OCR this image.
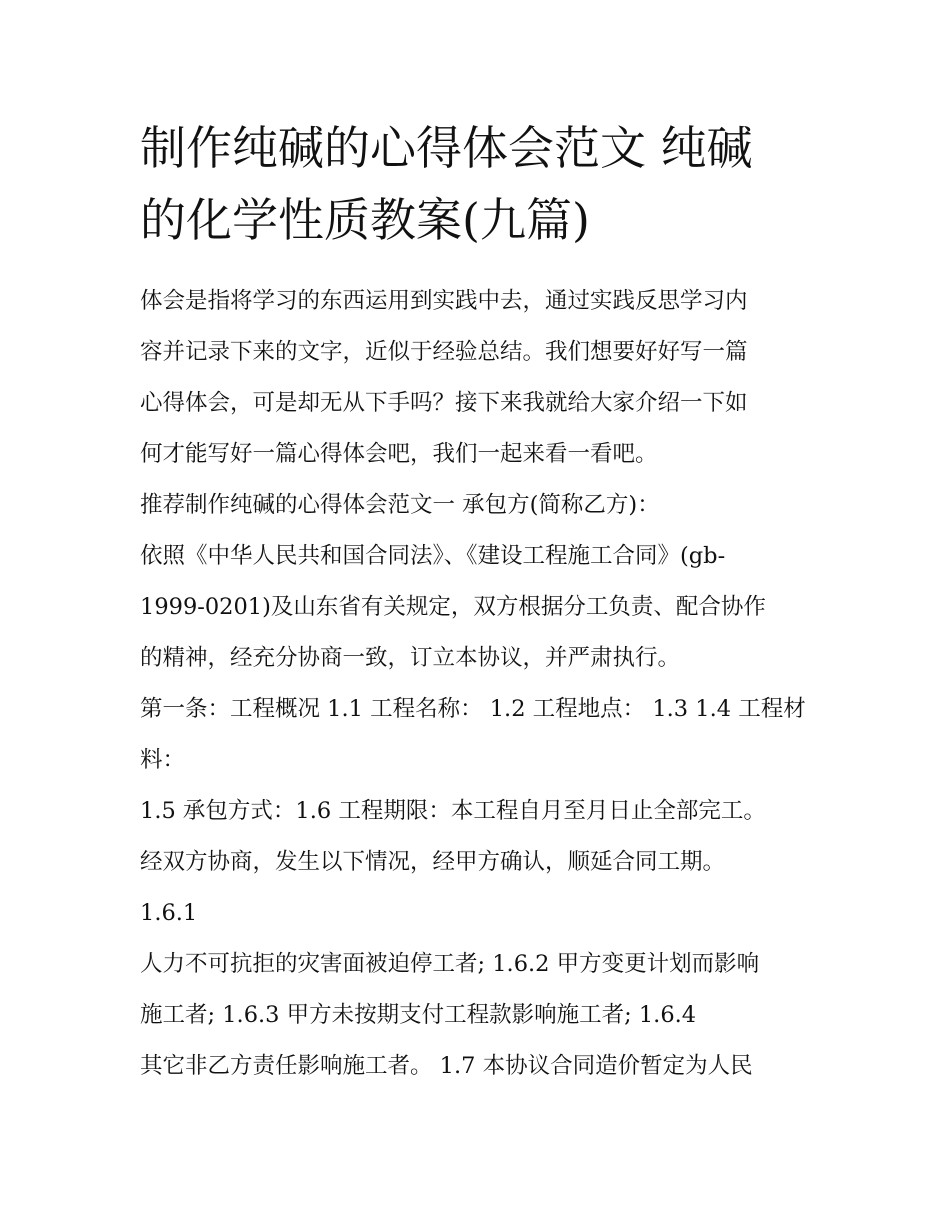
制作纯碱的心得体会范文 纯碱
的化学性质教案(九篇)
体会是指将学习的东西运用到实践中去，通过实践反思学习内
容并记录下来的文字，近似于经验总结。我们想要好好写一篇
心得体会，可是却无从下手吗？接下来我就给大家介绍一下如
何才能写好一篇心得体会吧，我们一起来看一看吧。
推荐制作纯碱的心得体会范文一 承包方(简称乙方)：
依照《中华人民共和国合同法》、《建设工程施工合同》(gb-
1999-0201)及山东省有关规定，双方根据分工负责、配合协作
的精神，经充分协商一致，订立本协议，并严肃执行。
第一条：工程概况 1.1 工程名称： 1.2 工程地点： 1.3 1.4 工程材
料：
1.5 承包方式：1.6 工程期限：本工程自月至月日止全部完工。
经双方协商，发生以下情况，经甲方确认，顺延合同工期。
1.6.1
人力不可抗拒的灾害面被迫停工者; 1.6.2 甲方变更计划而影响
施工者; 1.6.3 甲方未按期支付工程款影响施工者; 1.6.4
其它非乙方责任影响施工者。 1.7 本协议合同造价暂定为人民
